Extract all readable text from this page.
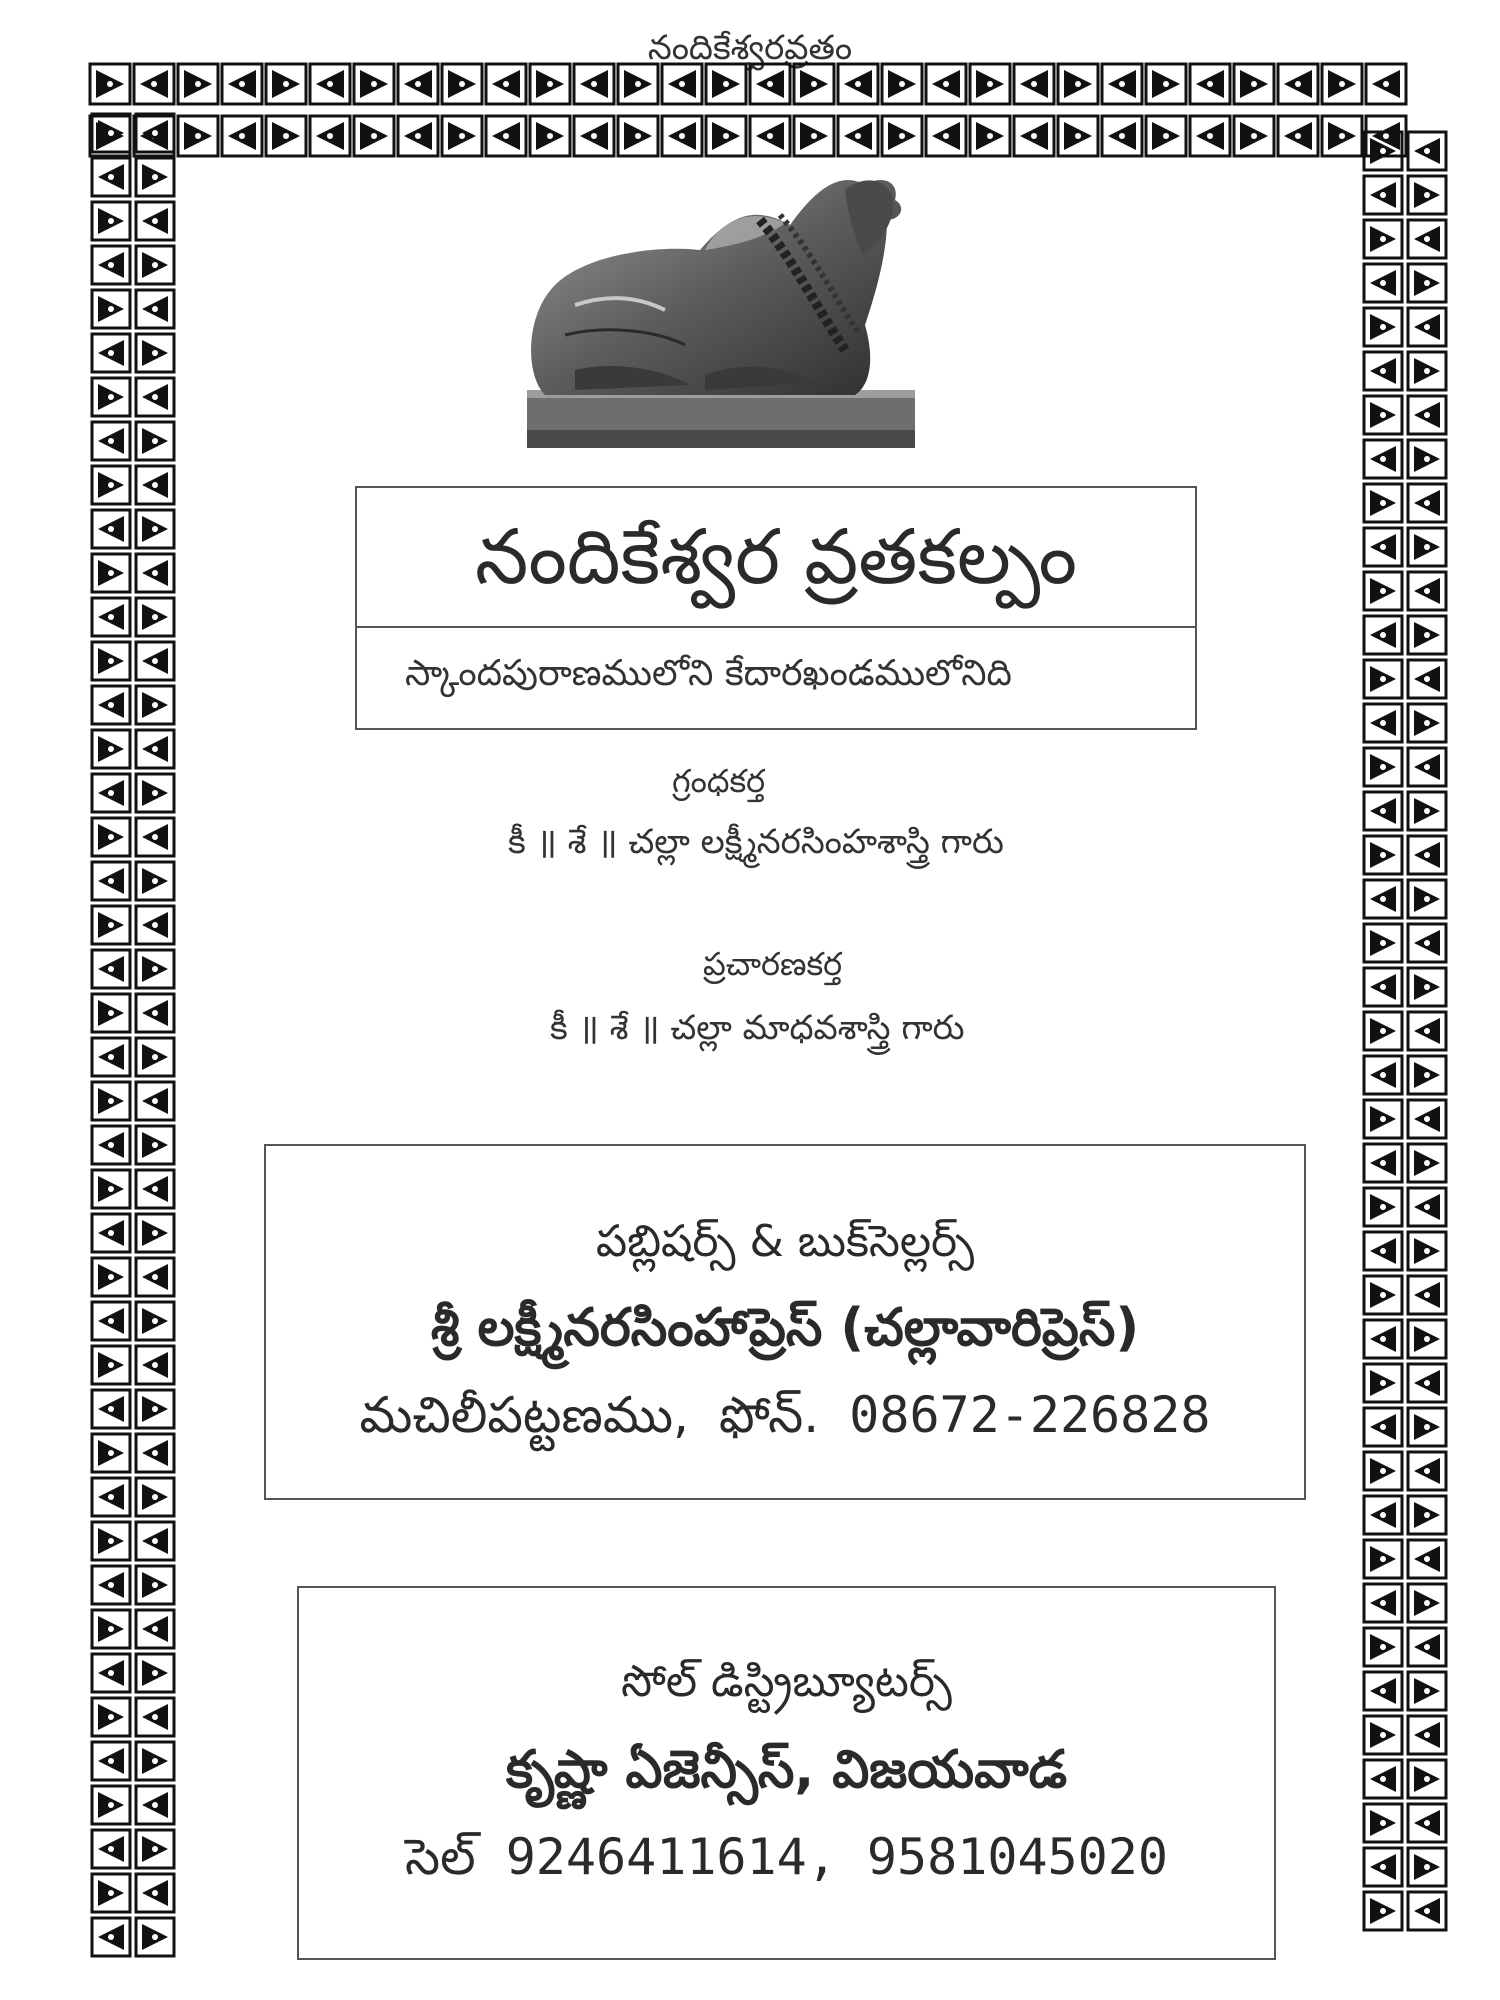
నందికేశ్వరవ్రతం
నందికేశ్వర వ్రతకల్పం
స్కాందపురాణములోని కేదారఖండములోనిది
గ్రంధకర్త
కీ ॥ శే ॥ చల్లా లక్ష్మీనరసింహశాస్త్రి గారు
ప్రచారణకర్త
కీ ॥ శే ॥ చల్లా మాధవశాస్త్రి గారు
పబ్లిషర్స్ & బుక్‌సెల్లర్స్
శ్రీ లక్ష్మీనరసింహాప్రెస్ (చల్లావారిప్రెస్)
మచిలీపట్టణము, ఫోన్. 08672-226828
సోల్ డిస్ట్రిబ్యూటర్స్
కృష్ణా ఏజెన్సీస్, విజయవాడ
సెల్ 9246411614, 9581045020
